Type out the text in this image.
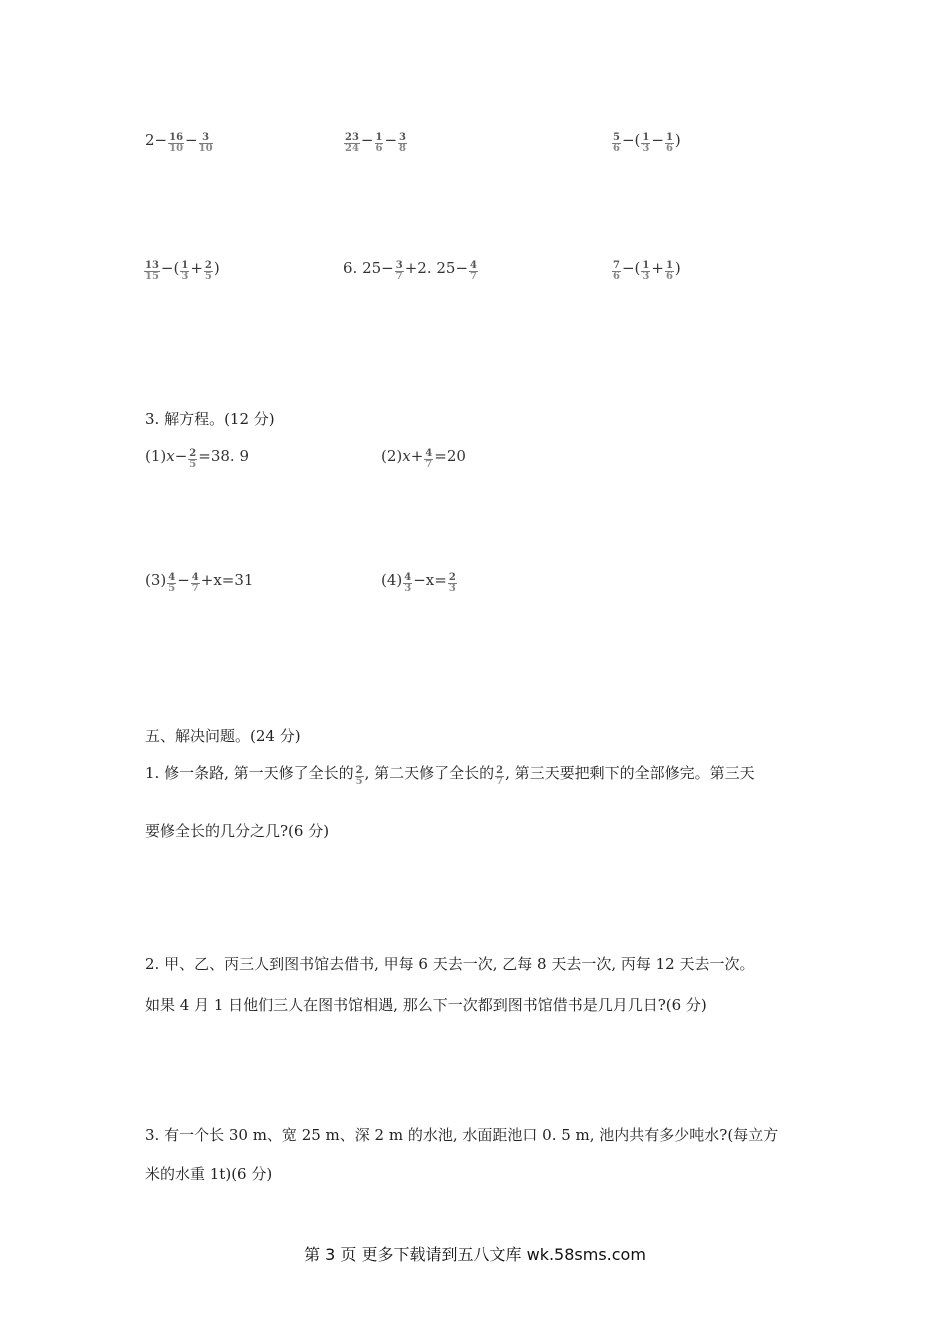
$2- \frac{16}{10} - \frac{3}{10}$	$\frac{23}{24} - \frac{1}{6} - \frac{3}{8}$	$\frac{5}{6}$ −( $\frac{1}{3} - \frac{1}{6}$ )
$\frac{13}{15}$ −( $\frac{1}{3} + \frac{2}{5}$ )	6. $25- \frac{3}{7} +2$. $25- \frac{4}{7}$	$\frac{7}{6}$ −( $\frac{1}{3} + \frac{1}{6}$ )
3. 解方程。(12 分)
$(1)x- \frac{2}{5} =38$. 9	$(2)x+ \frac{4}{7} =20$
$(3) \frac{4}{5} - \frac{4}{7} +x=31$	$(4) \frac{4}{3} -x= \frac{2}{3}$
五、解决问题。(24 分)
1. 修一条路, 第一天修了全长的 $\frac{2}{5}$ , 第二天修了全长的 $\frac{2}{7}$ , 第三天要把剩下的全部修完。第三天
要修全长的几分之几?(6 分)
2. 甲、乙、丙三人到图书馆去借书, 甲每 6 天去一次, 乙每 8 天去一次, 丙每 12 天去一次。
如果 4 月 1 日他们三人在图书馆相遇, 那么下一次都到图书馆借书是几月几日?(6 分)
3. 有一个长 30 m、宽 25 m、深 2 m 的水池, 水面距池口 0. 5 m, 池内共有多少吨水?(每立方
米的水重 1t)(6 分)
第 3 页 更多下载请到五八文库 wk.58sms.com
